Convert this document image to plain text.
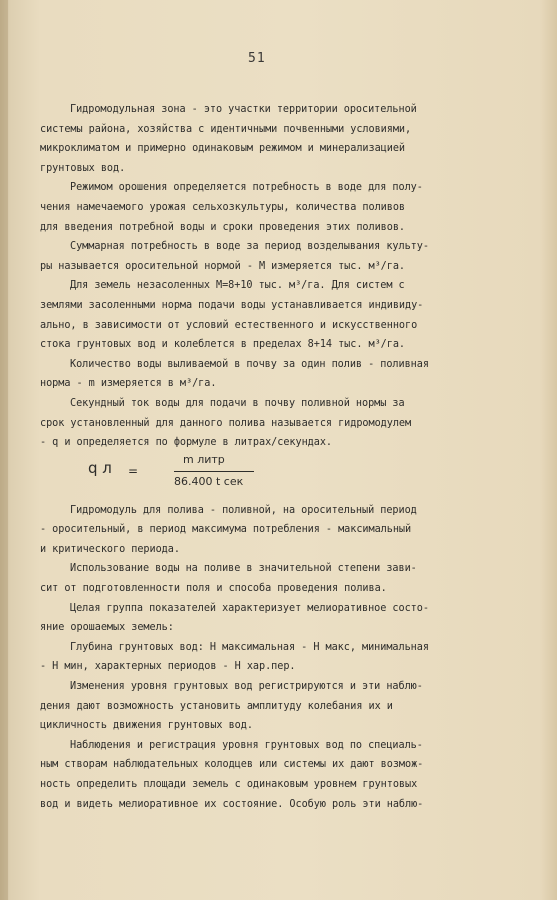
51
Гидромодульная зона - это участки территории оросительной
системы района, хозяйства с идентичными почвенными условиями,
микроклиматом и примерно одинаковым режимом и минерализацией
грунтовых вод.
Режимом орошения определяется потребность в воде для полу-
чения намечаемого урожая сельхозкультуры, количества поливов
для введения потребной воды и сроки проведения этих поливов.
Суммарная потребность в воде за период возделывания культу-
ры называется оросительной нормой - M измеряется тыс. м³/га.
Для земель незасоленных M=8+10 тыс. м³/га. Для систем с
землями засоленными норма подачи воды устанавливается индивиду-
ально, в зависимости от условий естественного и искусственного
стока грунтовых вод и колеблется в пределах 8+14 тыс. м³/га.
Количество воды выливаемой в почву за один полив - поливная
норма - m измеряется в м³/га.
Секундный ток воды для подачи в почву поливной нормы за
срок установленный для данного полива называется гидромодулем
- q и определяется по формуле в литрах/секундах.
q л =
m литр
86.400 t сек
Гидромодуль для полива - поливной, на оросительный период
- оросительный, в период максимума потребления - максимальный
и критического периода.
Использование воды на поливе в значительной степени зави-
сит от подготовленности поля и способа проведения полива.
Целая группа показателей характеризует мелиоративное состо-
яние орошаемых земель:
Глубина грунтовых вод: H максимальная - H макс, минимальная
- H мин, характерных периодов - H хар.пер.
Изменения уровня грунтовых вод регистрируются и эти наблю-
дения дают возможность установить амплитуду колебания их и
цикличность движения грунтовых вод.
Наблюдения и регистрация уровня грунтовых вод по специаль-
ным створам наблюдательных колодцев или системы их дают возмож-
ность определить площади земель с одинаковым уровнем грунтовых
вод и видеть мелиоративное их состояние. Особую роль эти наблю-
